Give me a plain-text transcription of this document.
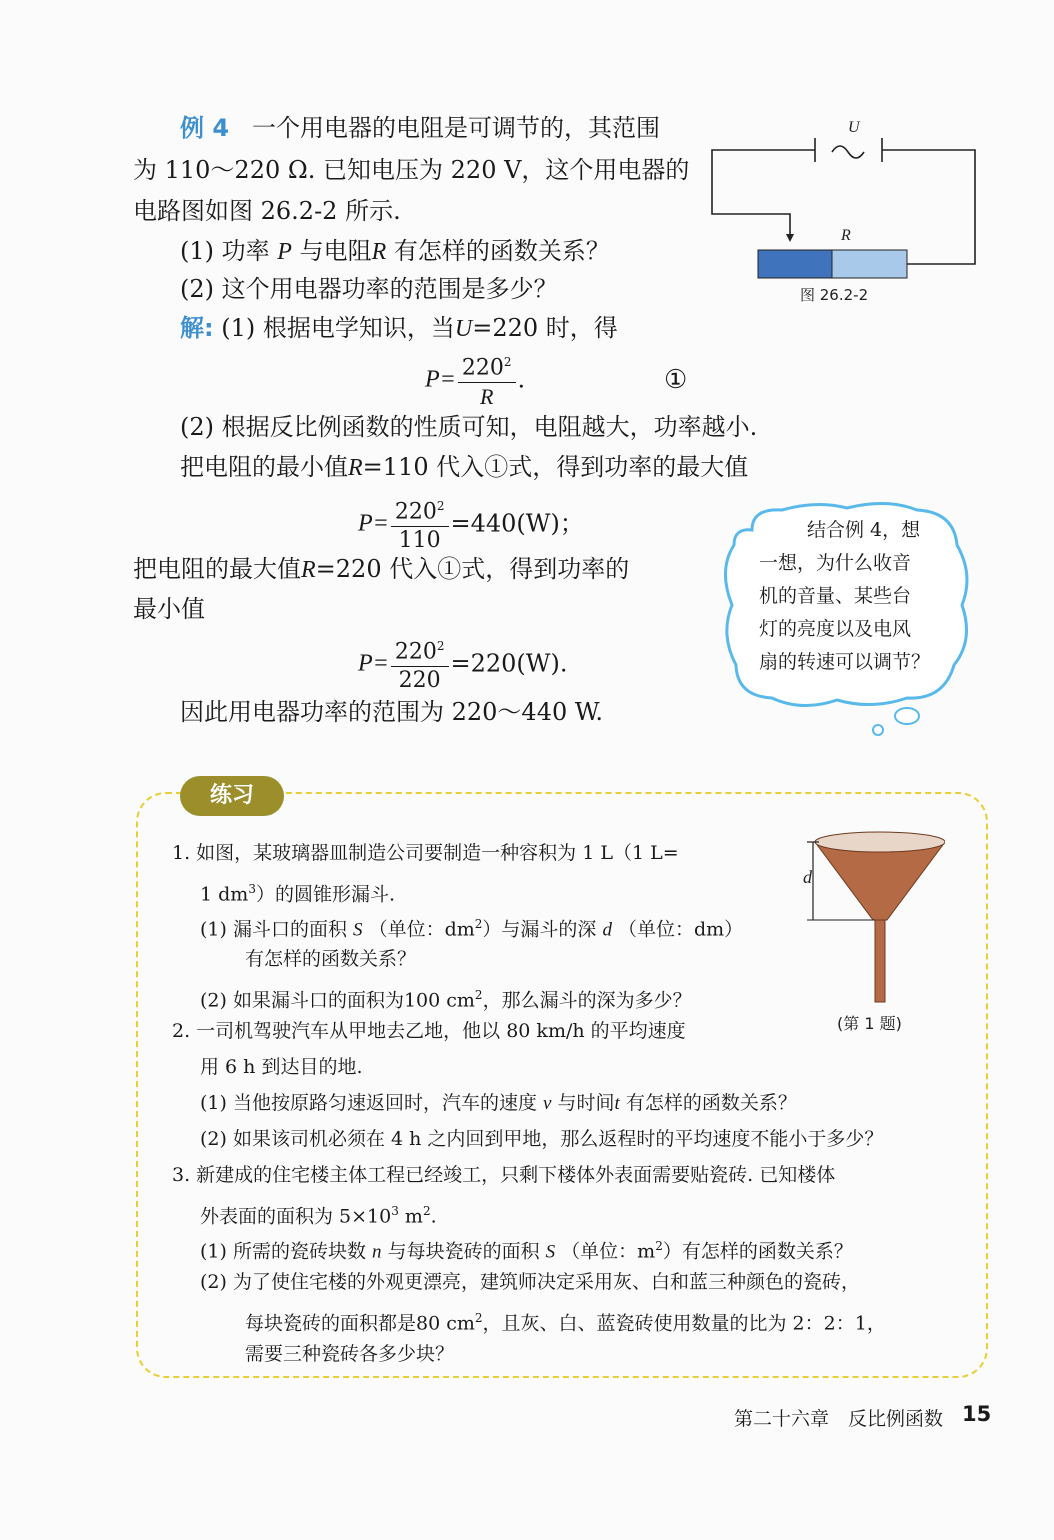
例 4 一个用电器的电阻是可调节的，其范围
为 110～220 Ω. 已知电压为 220 V，这个用电器的
电路图如图 26.2-2 所示.
(1) 功率 P 与电阻R 有怎样的函数关系？
(2) 这个用电器功率的范围是多少？
解: (1) 根据电学知识，当U=220 时，得
$P= \frac{220^2}{R}$ .	①
(2) 根据反比例函数的性质可知，电阻越大，功率越小.
把电阻的最小值R=110 代入①式，得到功率的最大值
$P= \frac{220^2}{110} =440(W)$；
把电阻的最大值R=220 代入①式，得到功率的
最小值
$P= \frac{220^2}{220} =220(W)$.
因此用电器功率的范围为 220～440 W.
U
R
图 26.2-2
结合例 4，想
一想，为什么收音
机的音量、某些台
灯的亮度以及电风
扇的转速可以调节？
练习
d
(第 1 题)
1. 如图，某玻璃器皿制造公司要制造一种容积为 1 L（1 L=
1 $dm^3$）的圆锥形漏斗.
(1) 漏斗口的面积 S （单位：$dm^2$）与漏斗的深 d （单位：dm）
有怎样的函数关系？
(2) 如果漏斗口的面积为100 $cm^2$，那么漏斗的深为多少？
2. 一司机驾驶汽车从甲地去乙地，他以 80 km/h 的平均速度
用 6 h 到达目的地.
(1) 当他按原路匀速返回时，汽车的速度 v 与时间t 有怎样的函数关系？
(2) 如果该司机必须在 4 h 之内回到甲地，那么返程时的平均速度不能小于多少？
3. 新建成的住宅楼主体工程已经竣工，只剩下楼体外表面需要贴瓷砖. 已知楼体
外表面的面积为 $5\times 10^3$ $m^2$.
(1) 所需的瓷砖块数 n 与每块瓷砖的面积 S （单位：$m^2$）有怎样的函数关系？
(2) 为了使住宅楼的外观更漂亮，建筑师决定采用灰、白和蓝三种颜色的瓷砖，
每块瓷砖的面积都是80 $cm^2$，且灰、白、蓝瓷砖使用数量的比为 2：2：1，
需要三种瓷砖各多少块？
第二十六章　反比例函数 15
